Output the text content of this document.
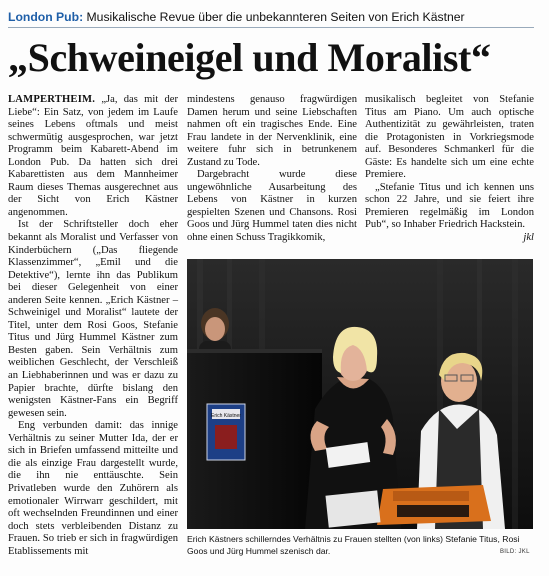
London Pub: Musikalische Revue über die unbekannteren Seiten von Erich Kästner
„Schweineigel und Moralist“

LAMPERTHEIM. „Ja, das mit der Liebe“: Ein Satz, von jedem im Laufe seines Lebens oftmals und meist schwermütig ausgesprochen, war jetzt Programm beim Kabarett-Abend im London Pub. Da hatten sich drei Kabarettisten aus dem Mannheimer Raum dieses Themas ausgerechnet aus der Sicht von Erich Kästner angenommen.

Ist der Schriftsteller doch eher bekannt als Moralist und Verfasser von Kinderbüchern („Das fliegende Klassenzimmer“, „Emil und die Detektive“), lernte ihn das Publikum bei dieser Gelegenheit von einer anderen Seite kennen. „Erich Kästner – Schweinigel und Moralist“ lautete der Titel, unter dem Rosi Goos, Stefanie Titus und Jürg Hummel Kästner zum Besten gaben. Sein Verhältnis zum weiblichen Geschlecht, der Verschleiß an Liebhaberinnen und was er dazu zu Papier brachte, dürfte bislang den wenigsten Kästner-Fans ein Begriff gewesen sein.

Eng verbunden damit: das innige Verhältnis zu seiner Mutter Ida, der er sich in Briefen umfassend mitteilte und die als einzige Frau dargestellt wurde, die ihn nie enttäuschte. Sein Privatleben wurde den Zuhörern als emotionaler Wirrwarr geschildert, mit oft wechselnden Freundinnen und einer doch stets verbleibenden Distanz zu Frauen. So trieb er sich in fragwürdigen Etablissements mit

mindestens genauso fragwürdigen Damen herum und seine Liebschaften nahmen oft ein tragisches Ende. Eine Frau landete in der Nervenklinik, eine weitere fuhr sich in betrunkenem Zustand zu Tode.

Dargebracht wurde diese ungewöhnliche Ausarbeitung des Lebens von Kästner in kurzen gespielten Szenen und Chansons. Rosi Goos und Jürg Hummel taten dies nicht ohne einen Schuss Tragikkomik,

musikalisch begleitet von Stefanie Titus am Piano. Um auch optische Authentizität zu gewährleisten, traten die Protagonisten in Vorkriegsmode auf. Besonderes Schmankerl für die Gäste: Es handelte sich um eine echte Premiere.

„Stefanie Titus und ich kennen uns schon 22 Jahre, und sie feiert ihre Premieren regelmäßig im London Pub“, so Inhaber Friedrich Hackstein.
jkl

Erich Kästner
Erich Kästners schillerndes Verhältnis zu Frauen stellten (von links) Stefanie Titus, Rosi Goos und Jürg Hummel szenisch dar.	BILD: JKL
